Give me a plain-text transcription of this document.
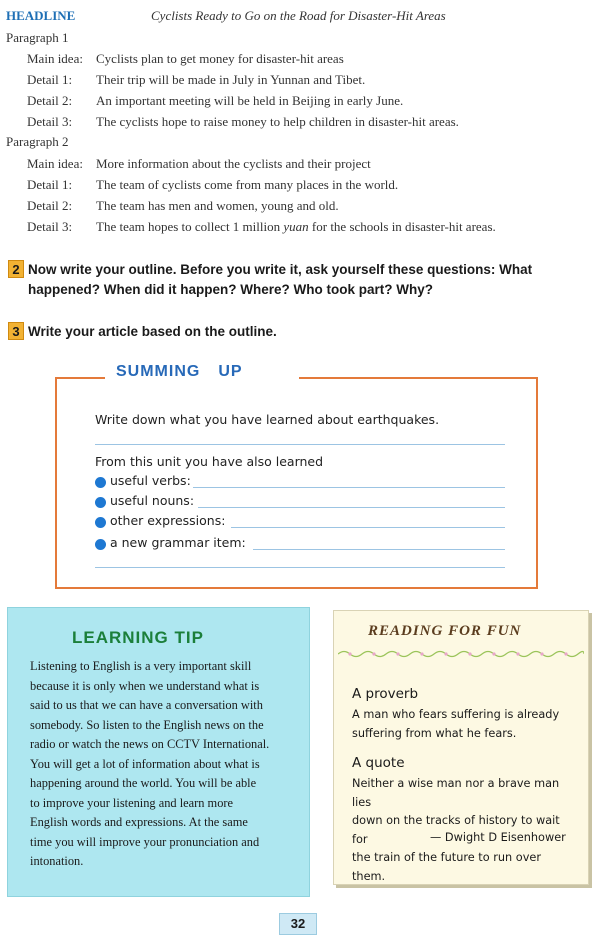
HEADLINE	Cyclists Ready to Go on the Road for Disaster-Hit Areas
Paragraph 1
Main idea: Cyclists plan to get money for disaster-hit areas
Detail 1: Their trip will be made in July in Yunnan and Tibet.
Detail 2: An important meeting will be held in Beijing in early June.
Detail 3: The cyclists hope to raise money to help children in disaster-hit areas.
Paragraph 2
Main idea: More information about the cyclists and their project
Detail 1: The team of cyclists come from many places in the world.
Detail 2: The team has men and women, young and old.
Detail 3: The team hopes to collect 1 million yuan for the schools in disaster-hit areas.
2 Now write your outline. Before you write it, ask yourself these questions: What happened? When did it happen? Where? Who took part? Why?
3 Write your article based on the outline.
SUMMING UP
Write down what you have learned about earthquakes.
From this unit you have also learned
useful verbs:
useful nouns:
other expressions:
a new grammar item:
LEARNING TIP
Listening to English is a very important skill
because it is only when we understand what is
said to us that we can have a conversation with
somebody. So listen to the English news on the
radio or watch the news on CCTV International.
You will get a lot of information about what is
happening around the world. You will be able
to improve your listening and learn more
English words and expressions. At the same
time you will improve your pronunciation and
intonation.
READING FOR FUN
A proverb
A man who fears suffering is already
suffering from what he fears.
A quote
Neither a wise man nor a brave man lies
down on the tracks of history to wait for
the train of the future to run over them.
— Dwight D Eisenhower
32
